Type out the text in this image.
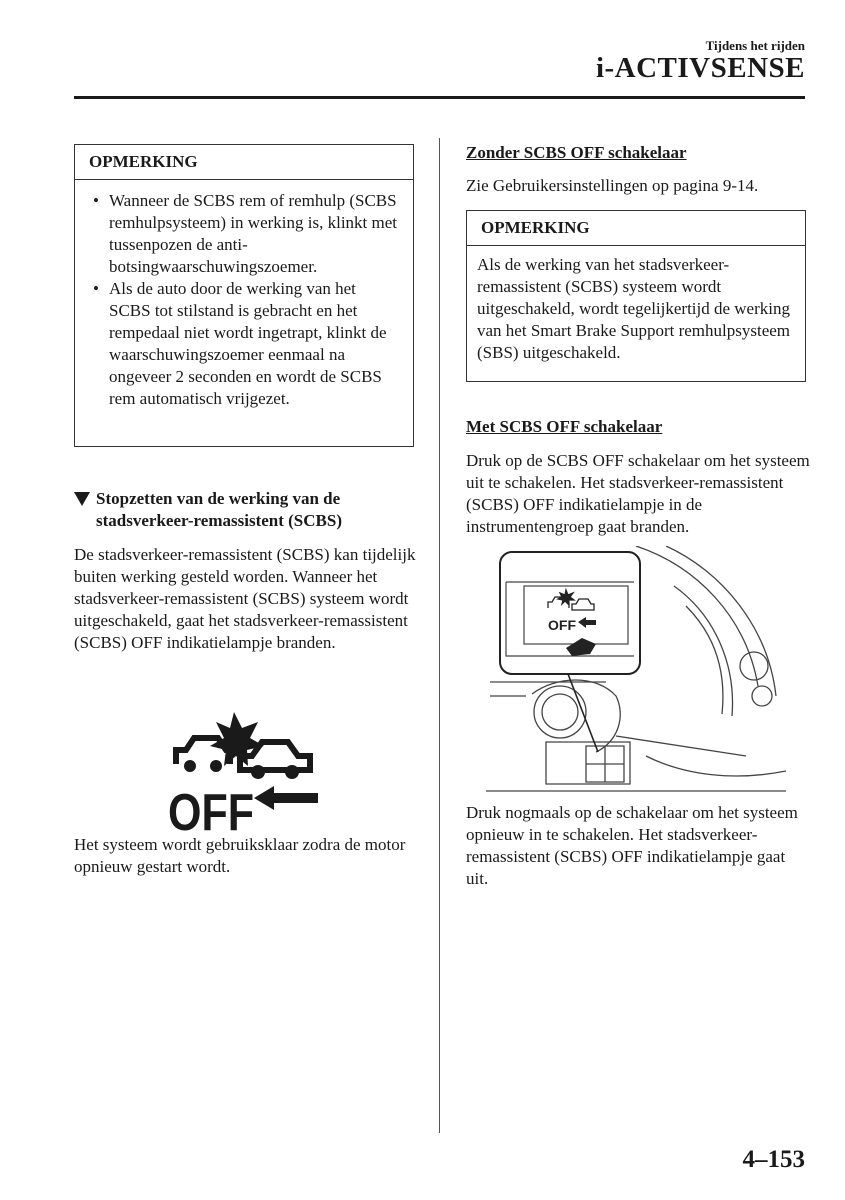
Tijdens het rijden
i-ACTIVSENSE
OPMERKING
• Wanneer de SCBS rem of remhulp (SCBS remhulpsysteem) in werking is, klinkt met tussenpozen de anti-botsingwaarschuwingszoemer.
• Als de auto door de werking van het SCBS tot stilstand is gebracht en het rempedaal niet wordt ingetrapt, klinkt de waarschuwingszoemer eenmaal na ongeveer 2 seconden en wordt de SCBS rem automatisch vrijgezet.
Stopzetten van de werking van de stadsverkeer-remassistent (SCBS)

De stadsverkeer-remassistent (SCBS) kan tijdelijk buiten werking gesteld worden. Wanneer het stadsverkeer-remassistent (SCBS) systeem wordt uitgeschakeld, gaat het stadsverkeer-remassistent (SCBS) OFF indikatielampje branden.

OFF

Het systeem wordt gebruiksklaar zodra de motor opnieuw gestart wordt.

Zonder SCBS OFF schakelaar

Zie Gebruikersinstellingen op pagina 9-14.

OPMERKING
Als de werking van het stadsverkeer-remassistent (SCBS) systeem wordt uitgeschakeld, wordt tegelijkertijd de werking van het Smart Brake Support remhulpsysteem (SBS) uitgeschakeld.
Met SCBS OFF schakelaar

Druk op de SCBS OFF schakelaar om het systeem uit te schakelen. Het stadsverkeer-remassistent (SCBS) OFF indikatielampje in de instrumentengroep gaat branden.

OFF

Druk nogmaals op de schakelaar om het systeem opnieuw in te schakelen. Het stadsverkeer-remassistent (SCBS) OFF indikatielampje gaat uit.

4–153
